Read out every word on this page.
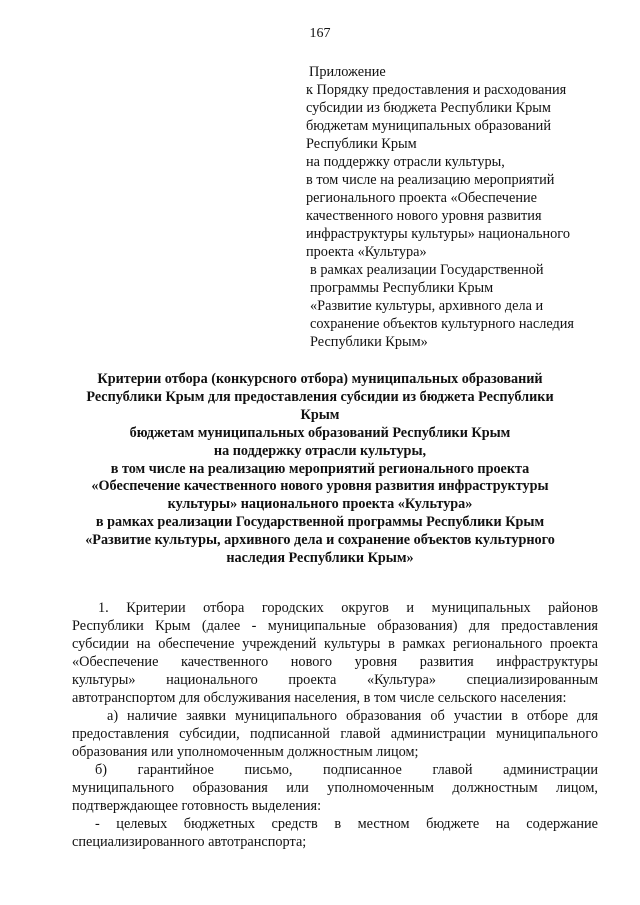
167
Приложение
к Порядку предоставления и расходования
субсидии из бюджета Республики Крым
бюджетам муниципальных образований
Республики Крым
на поддержку отрасли культуры,
в том числе на реализацию мероприятий
регионального проекта «Обеспечение
качественного нового уровня развития
инфраструктуры культуры» национального
проекта «Культура»
в рамках реализации Государственной
программы Республики Крым
«Развитие культуры, архивного дела и
сохранение объектов культурного наследия
Республики Крым»
Критерии отбора (конкурсного отбора) муниципальных образований
Республики Крым для предоставления субсидии из бюджета Республики
Крым
бюджетам муниципальных образований Республики Крым
на поддержку отрасли культуры,
в том числе на реализацию мероприятий регионального проекта
«Обеспечение качественного нового уровня развития инфраструктуры
культуры» национального проекта «Культура»
в рамках реализации Государственной программы Республики Крым
«Развитие культуры, архивного дела и сохранение объектов культурного
наследия Республики Крым»
1. Критерии отбора городских округов и муниципальных районов
Республики Крым (далее - муниципальные образования) для предоставления
субсидии на обеспечение учреждений культуры в рамках регионального проекта
«Обеспечение качественного нового уровня развития инфраструктуры
культуры» национального проекта «Культура» специализированным
автотранспортом для обслуживания населения, в том числе сельского населения:
а) наличие заявки муниципального образования об участии в отборе для
предоставления субсидии, подписанной главой администрации муниципального
образования или уполномоченным должностным лицом;
б) гарантийное письмо, подписанное главой администрации
муниципального образования или уполномоченным должностным лицом,
подтверждающее готовность выделения:
- целевых бюджетных средств в местном бюджете на содержание
специализированного автотранспорта;
